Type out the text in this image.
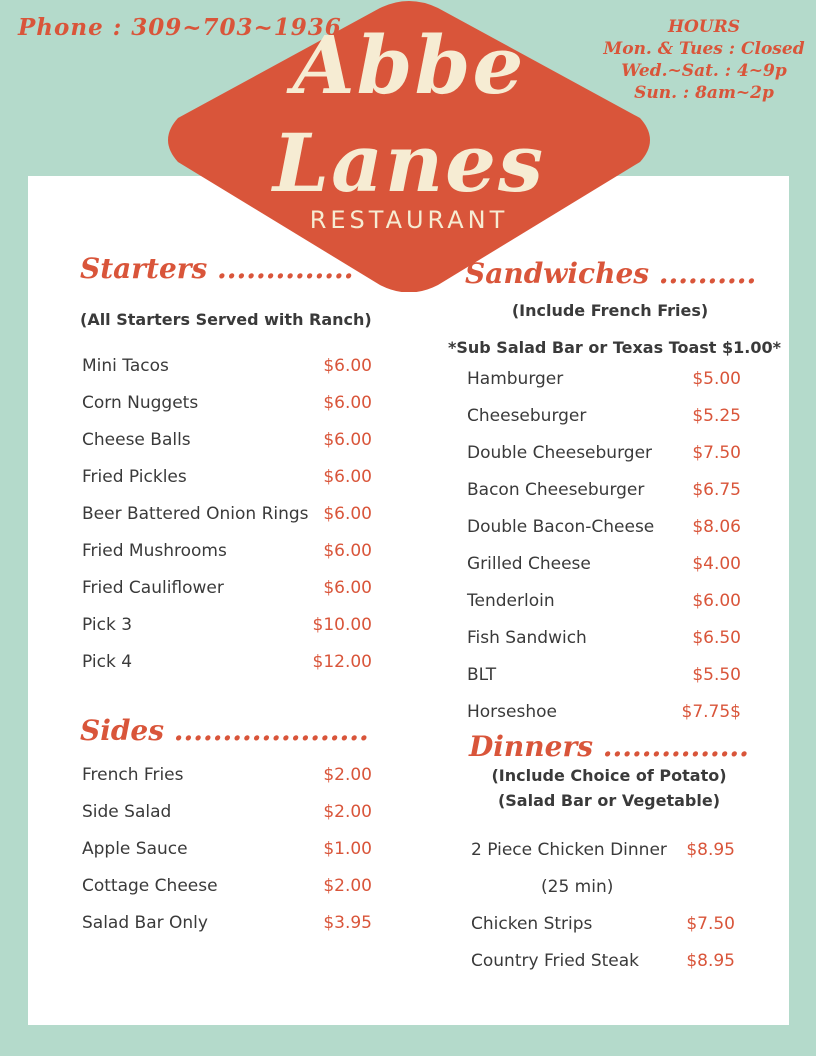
Phone : 309~703~1936	HOURS
Mon. & Tues : Closed
Wed.~Sat. : 4~9p
Sun. : 8am~2p
Abbe
Lanes
RESTAURANT
Starters ..............
(All Starters Served with Ranch)
Mini Tacos	$6.00
Corn Nuggets	$6.00
Cheese Balls	$6.00
Fried Pickles	$6.00
Beer Battered Onion Rings $6.00
Fried Mushrooms	$6.00
Fried Cauliflower	$6.00
Pick 3	$10.00
Pick 4	$12.00
Sides ....................
French Fries	$2.00
Side Salad	$2.00
Apple Sauce	$1.00
Cottage Cheese	$2.00
Salad Bar Only	$3.95
Sandwiches ..........
(Include French Fries)
*Sub Salad Bar or Texas Toast $1.00*
Hamburger	$5.00
Cheeseburger	$5.25
Double Cheeseburger	$7.50
Bacon Cheeseburger	$6.75
Double Bacon-Cheese	$8.06
Grilled Cheese	$4.00
Tenderloin	$6.00
Fish Sandwich	$6.50
BLT	$5.50
Horseshoe	$7.75$
Dinners ...............
(Include Choice of Potato)
(Salad Bar or Vegetable)
2 Piece Chicken Dinner	$8.95
(25 min)
Chicken Strips	$7.50
Country Fried Steak	$8.95
